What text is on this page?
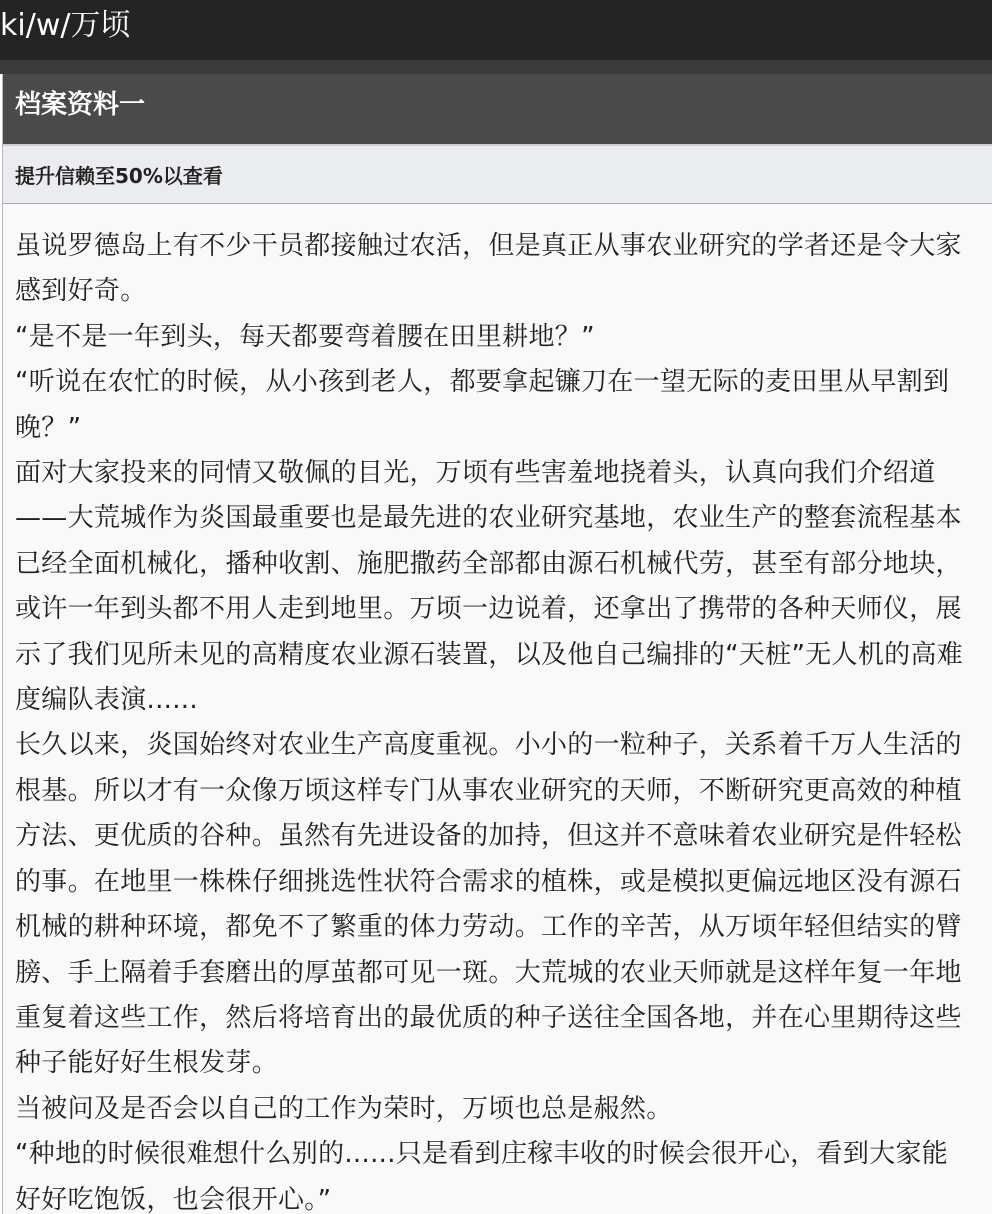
ki/w/万顷
档案资料一
提升信赖至50%以查看

虽说罗德岛上有不少干员都接触过农活，但是真正从事农业研究的学者还是令大家感到好奇。

“是不是一年到头，每天都要弯着腰在田里耕地？”

“听说在农忙的时候，从小孩到老人，都要拿起镰刀在一望无际的麦田里从早割到晚？”

面对大家投来的同情又敬佩的目光，万顷有些害羞地挠着头，认真向我们介绍道——大荒城作为炎国最重要也是最先进的农业研究基地，农业生产的整套流程基本已经全面机械化，播种收割、施肥撒药全部都由源石机械代劳，甚至有部分地块，或许一年到头都不用人走到地里。万顷一边说着，还拿出了携带的各种天师仪，展示了我们见所未见的高精度农业源石装置，以及他自己编排的“天桩”无人机的高难度编队表演......

长久以来，炎国始终对农业生产高度重视。小小的一粒种子，关系着千万人生活的根基。所以才有一众像万顷这样专门从事农业研究的天师，不断研究更高效的种植方法、更优质的谷种。虽然有先进设备的加持，但这并不意味着农业研究是件轻松的事。在地里一株株仔细挑选性状符合需求的植株，或是模拟更偏远地区没有源石机械的耕种环境，都免不了繁重的体力劳动。工作的辛苦，从万顷年轻但结实的臂膀、手上隔着手套磨出的厚茧都可见一斑。大荒城的农业天师就是这样年复一年地重复着这些工作，然后将培育出的最优质的种子送往全国各地，并在心里期待这些种子能好好生根发芽。

当被问及是否会以自己的工作为荣时，万顷也总是赧然。

“种地的时候很难想什么别的......只是看到庄稼丰收的时候会很开心，看到大家能好好吃饱饭，也会很开心。”
